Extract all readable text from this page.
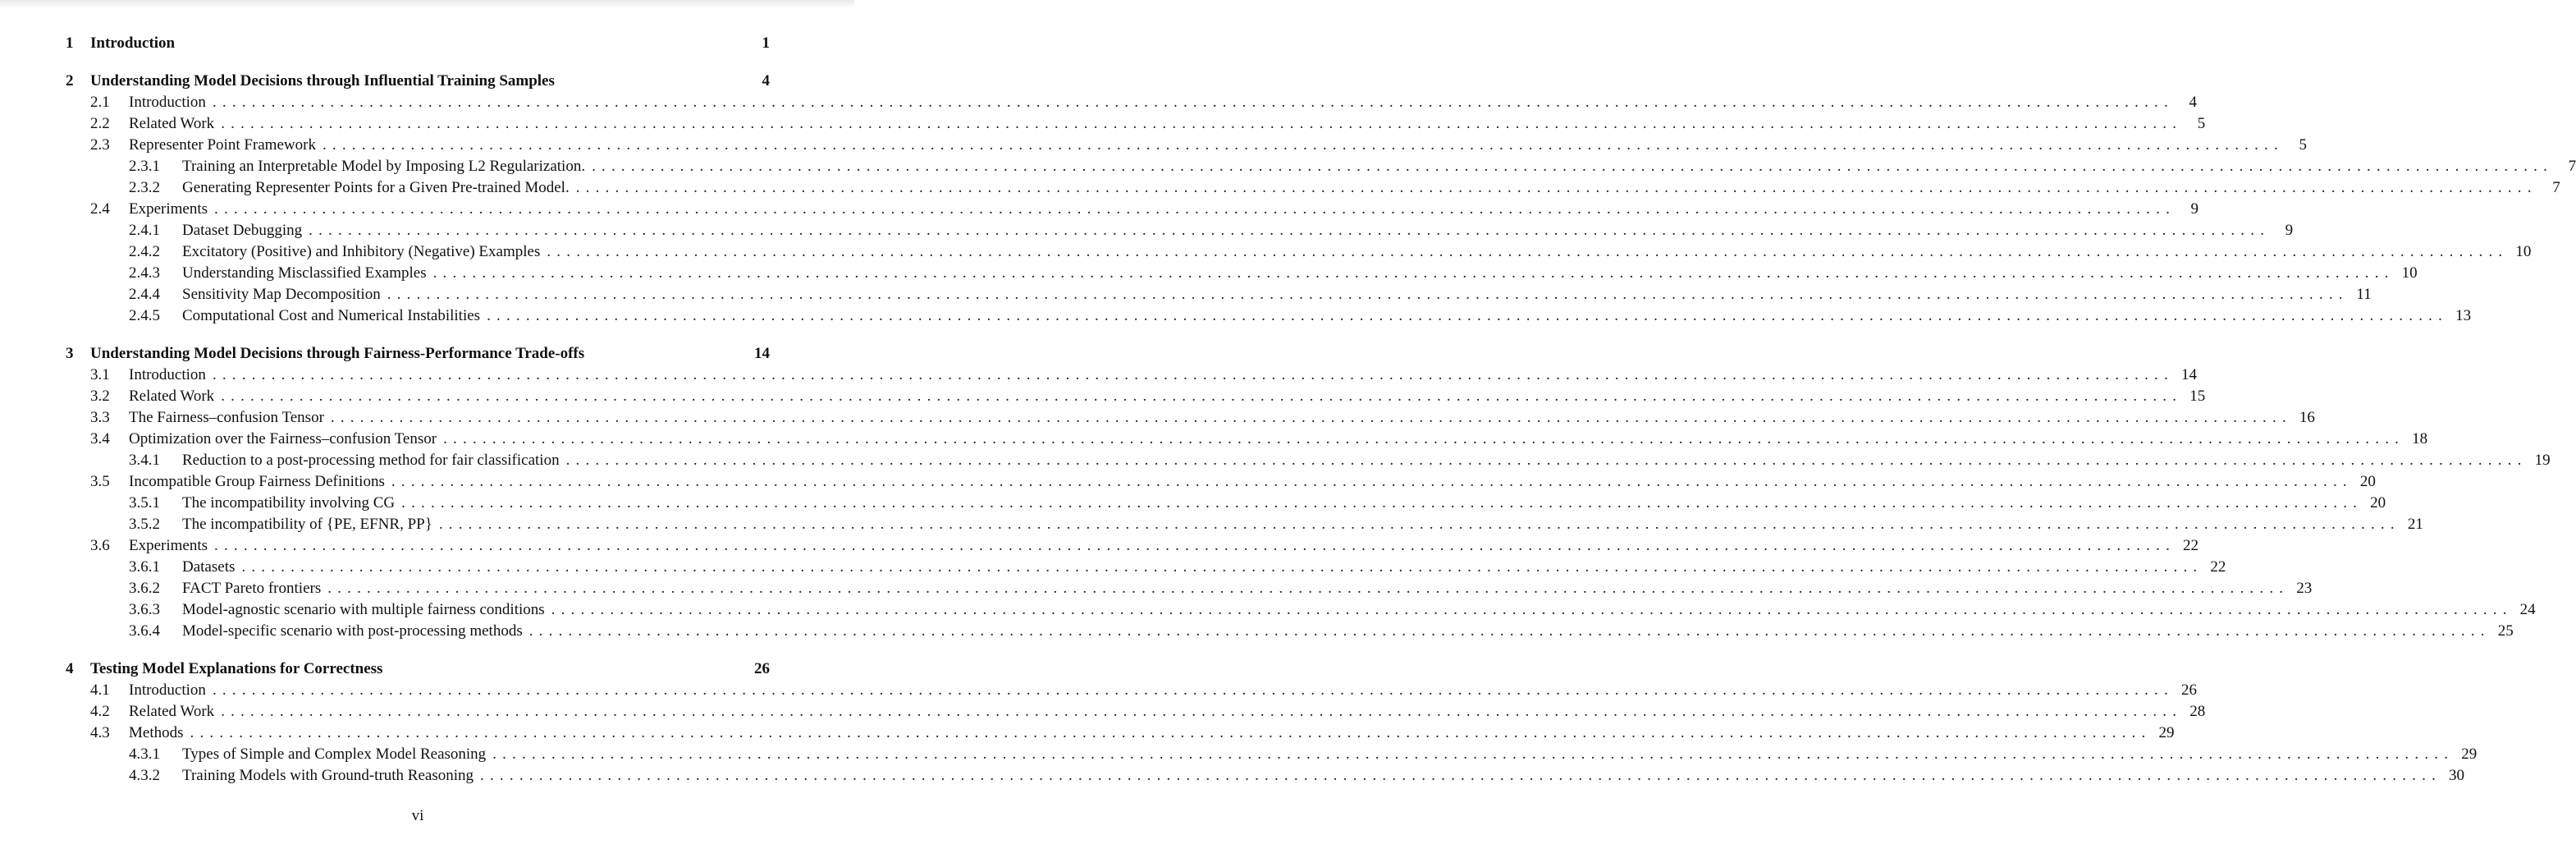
1	Introduction	1
2	Understanding Model Decisions through Influential Training Samples	4
2.1	Introduction ........................................................................................................................................................................................................ 4
2.2	Related Work ........................................................................................................................................................................................................ 5
2.3	Representer Point Framework ........................................................................................................................................................................................................ 5
2.3.1	Training an Interpretable Model by Imposing L2 Regularization. ........................................................................................................................................................................................................ 7
2.3.2	Generating Representer Points for a Given Pre-trained Model. ........................................................................................................................................................................................................ 7
2.4	Experiments ........................................................................................................................................................................................................ 9
2.4.1	Dataset Debugging ........................................................................................................................................................................................................ 9
2.4.2	Excitatory (Positive) and Inhibitory (Negative) Examples ........................................................................................................................................................................................................ 10
2.4.3	Understanding Misclassified Examples ........................................................................................................................................................................................................ 10
2.4.4	Sensitivity Map Decomposition ........................................................................................................................................................................................................ 11
2.4.5	Computational Cost and Numerical Instabilities ........................................................................................................................................................................................................ 13
3	Understanding Model Decisions through Fairness-Performance Trade-offs	14
3.1	Introduction ........................................................................................................................................................................................................ 14
3.2	Related Work ........................................................................................................................................................................................................ 15
3.3	The Fairness–confusion Tensor ........................................................................................................................................................................................................ 16
3.4	Optimization over the Fairness–confusion Tensor ........................................................................................................................................................................................................ 18
3.4.1	Reduction to a post-processing method for fair classification ........................................................................................................................................................................................................ 19
3.5	Incompatible Group Fairness Definitions ........................................................................................................................................................................................................ 20
3.5.1	The incompatibility involving CG ........................................................................................................................................................................................................ 20
3.5.2	The incompatibility of {PE, EFNR, PP} ........................................................................................................................................................................................................ 21
3.6	Experiments ........................................................................................................................................................................................................ 22
3.6.1	Datasets ........................................................................................................................................................................................................ 22
3.6.2	FACT Pareto frontiers ........................................................................................................................................................................................................ 23
3.6.3	Model-agnostic scenario with multiple fairness conditions ........................................................................................................................................................................................................ 24
3.6.4	Model-specific scenario with post-processing methods ........................................................................................................................................................................................................ 25
4	Testing Model Explanations for Correctness	26
4.1	Introduction ........................................................................................................................................................................................................ 26
4.2	Related Work ........................................................................................................................................................................................................ 28
4.3	Methods ........................................................................................................................................................................................................ 29
4.3.1	Types of Simple and Complex Model Reasoning ........................................................................................................................................................................................................ 29
4.3.2	Training Models with Ground-truth Reasoning ........................................................................................................................................................................................................ 30
vi
